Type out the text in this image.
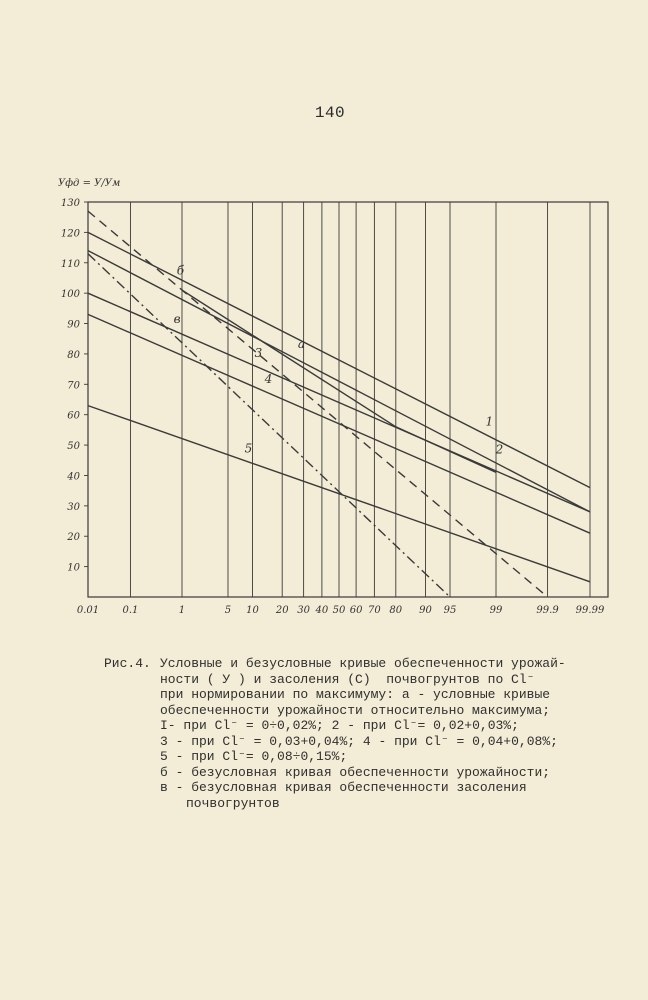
140
0.01 0.1	1	5 10 20 30 40 50 60 70 80 90 95	99	99.9 99.99
130
120
110
100
90
80
70
60
50
40
30
20
10
Уфд = У/Ум
а
б
в
1
2
3
4
5
Рис.4. Условные и безусловные кривые обеспеченности урожай-
ности ( У ) и засоления (С)  почвогрунтов по Cl⁻
при нормировании по максимуму: а - условные кривые
обеспеченности урожайности относительно максимума;
I- при Cl⁻ = 0÷0,02%; 2 - при Cl⁻= 0,02+0,03%;
3 - при Cl⁻ = 0,03+0,04%; 4 - при Cl⁻ = 0,04+0,08%;
5 - при Cl⁻= 0,08÷0,15%;
б - безусловная кривая обеспеченности урожайности;
в - безусловная кривая обеспеченности засоления
почвогрунтов
